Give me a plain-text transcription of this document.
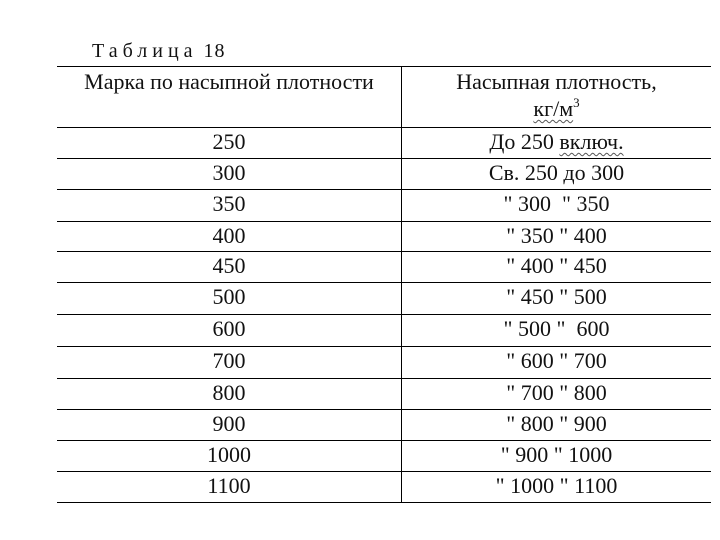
Таблица 18
Марка по насыпной плотности	Насыпная плотность,
$кг/м^3$
250	До 250 включ.
300	Св. 250 до 300
350	" 300  " 350
400	" 350 " 400
450	" 400 " 450
500	" 450 " 500
600	" 500 "  600
700	" 600 " 700
800	" 700 " 800
900	" 800 " 900
1000	" 900 " 1000
1100	" 1000 " 1100
